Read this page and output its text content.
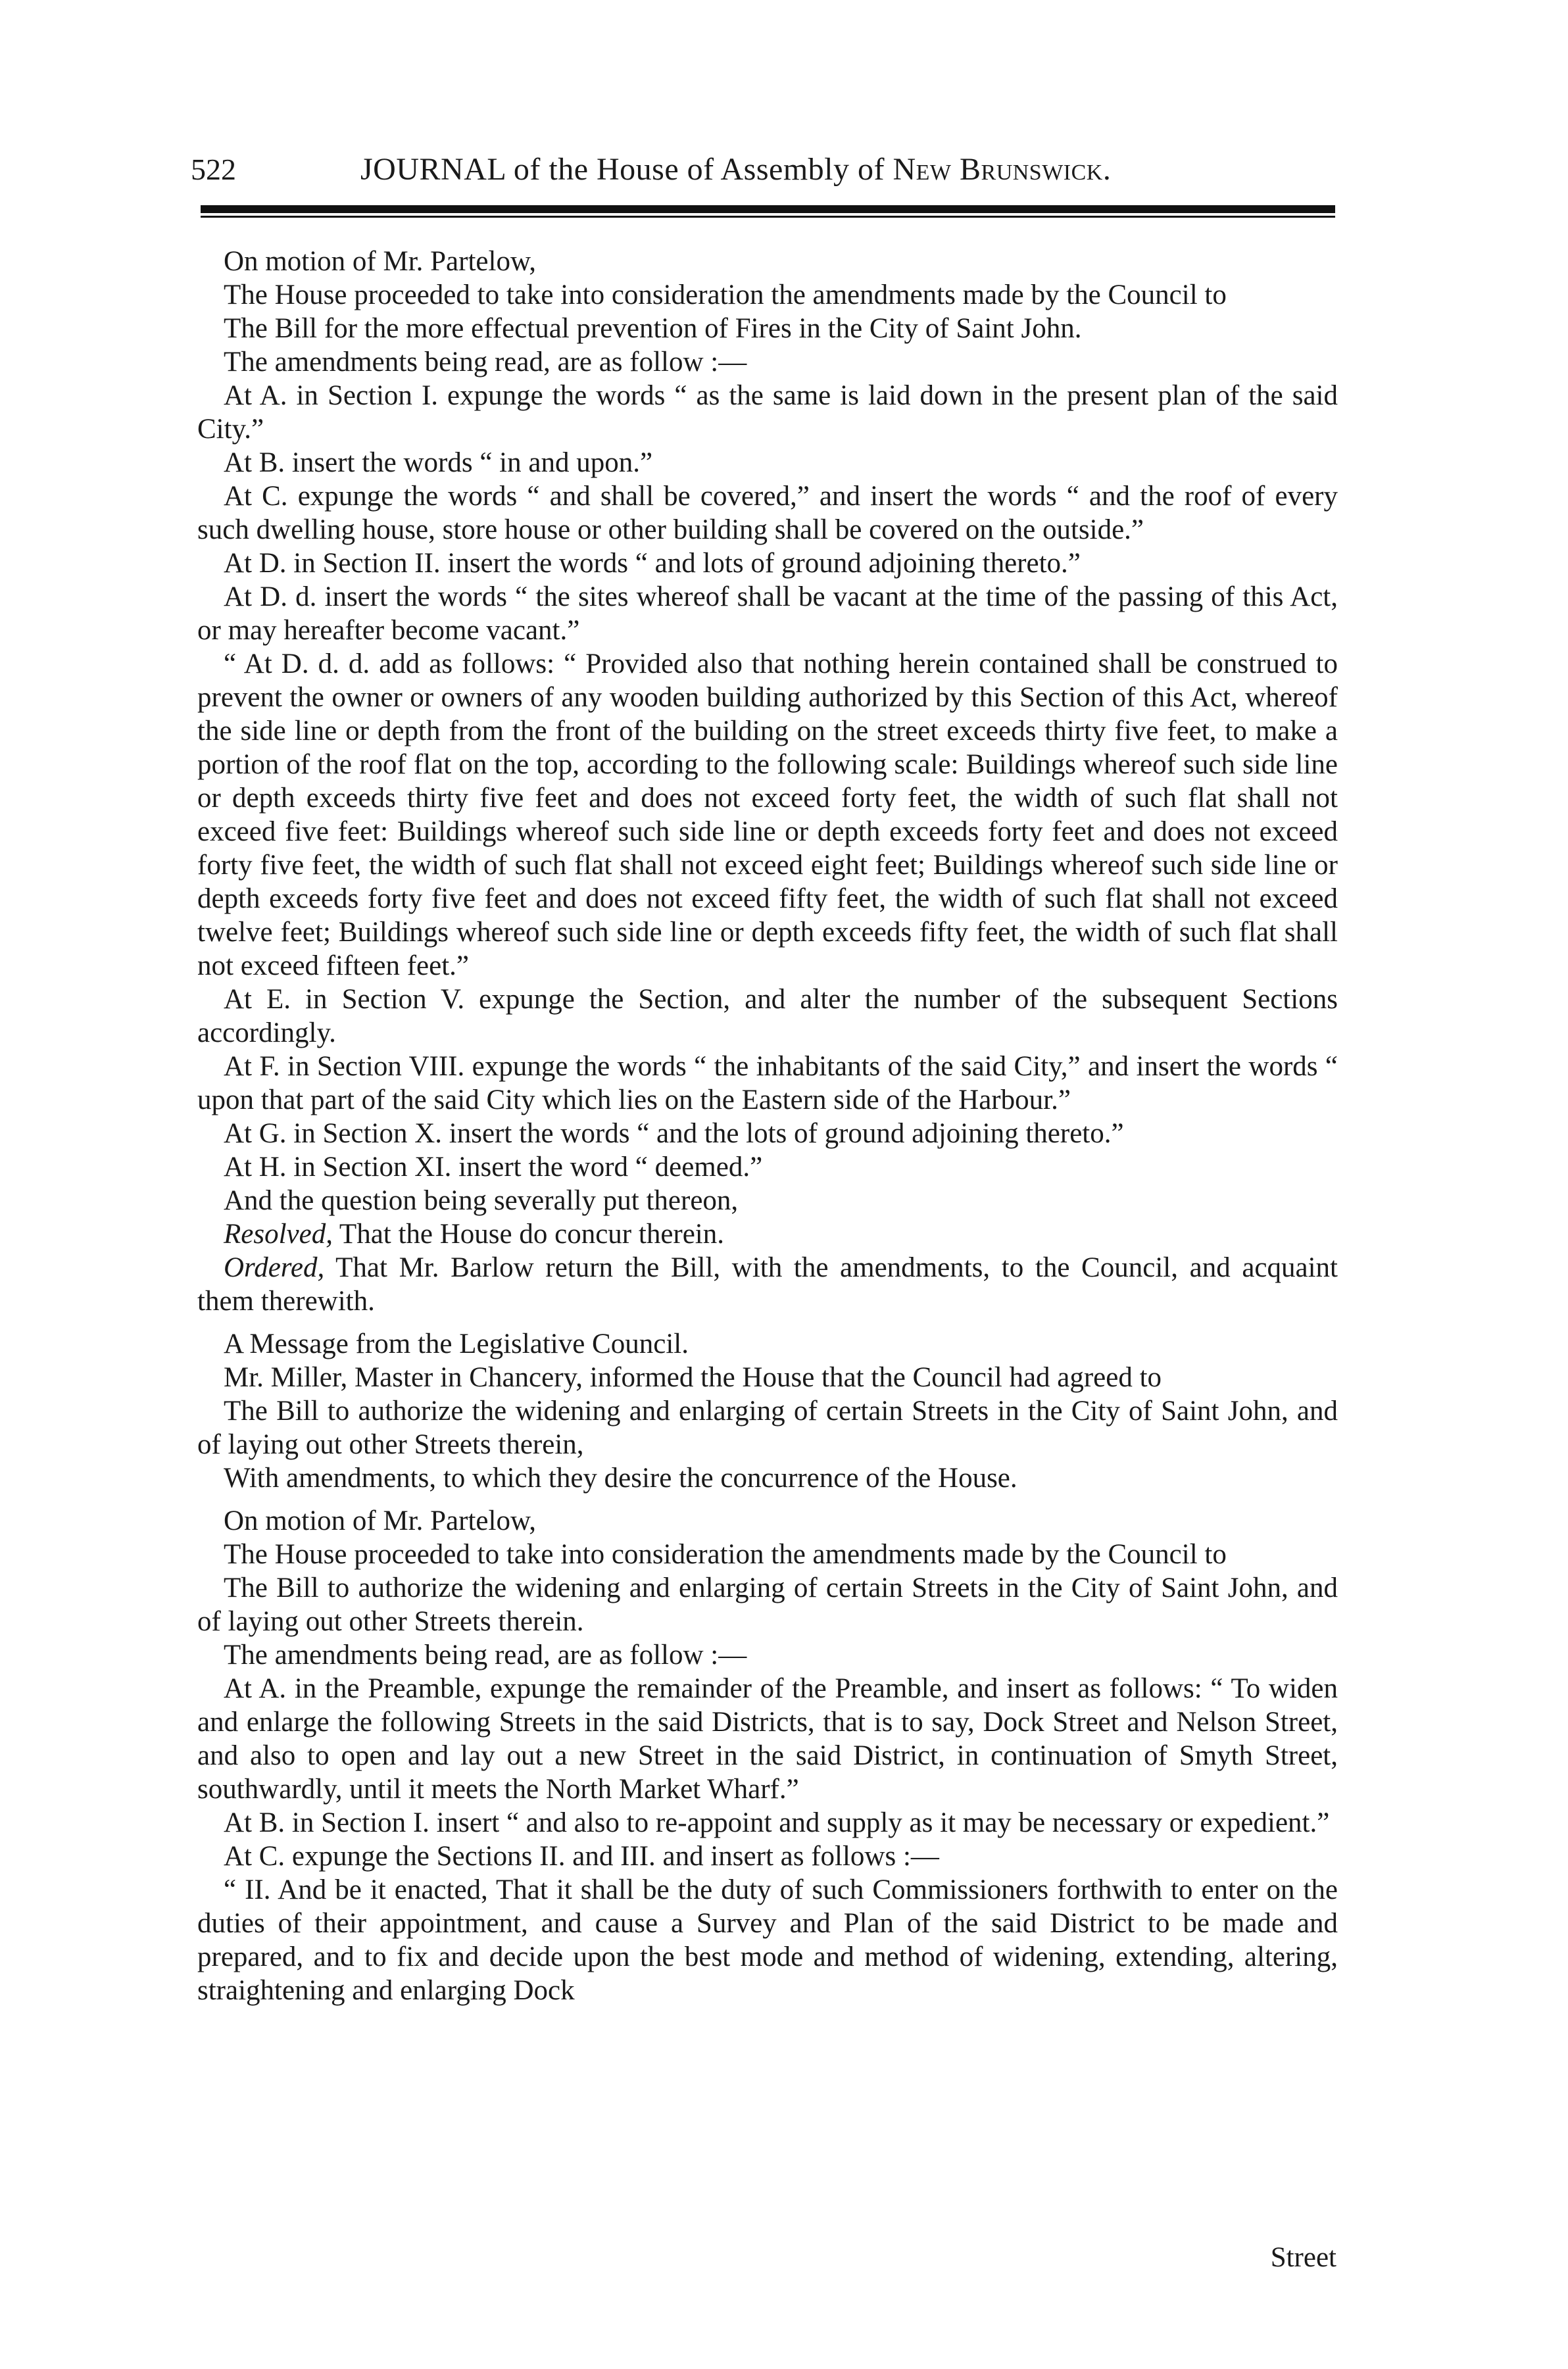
522	JOURNAL of the House of Assembly of New Brunswick.

On motion of Mr. Partelow,

The House proceeded to take into consideration the amendments made by the Council to

The Bill for the more effectual prevention of Fires in the City of Saint John.

The amendments being read, are as follow :—

At A. in Section I. expunge the words “ as the same is laid down in the present plan of the said City.”

At B. insert the words “ in and upon.”

At C. expunge the words “ and shall be covered,” and insert the words “ and the roof of every such dwelling house, store house or other building shall be covered on the outside.”

At D. in Section II. insert the words “ and lots of ground adjoining thereto.”

At D. d. insert the words “ the sites whereof shall be vacant at the time of the passing of this Act, or may hereafter become vacant.”

“ At D. d. d. add as follows: “ Provided also that nothing herein contained shall be construed to prevent the owner or owners of any wooden building authorized by this Section of this Act, whereof the side line or depth from the front of the building on the street exceeds thirty five feet, to make a portion of the roof flat on the top, according to the following scale: Buildings whereof such side line or depth exceeds thirty five feet and does not exceed forty feet, the width of such flat shall not exceed five feet: Buildings whereof such side line or depth exceeds forty feet and does not exceed forty five feet, the width of such flat shall not exceed eight feet; Buildings whereof such side line or depth exceeds forty five feet and does not exceed fifty feet, the width of such flat shall not exceed twelve feet; Buildings whereof such side line or depth exceeds fifty feet, the width of such flat shall not exceed fifteen feet.”

At E. in Section V. expunge the Section, and alter the number of the subsequent Sections accordingly.

At F. in Section VIII. expunge the words “ the inhabitants of the said City,” and insert the words “ upon that part of the said City which lies on the Eastern side of the Harbour.”

At G. in Section X. insert the words “ and the lots of ground adjoining thereto.”

At H. in Section XI. insert the word “ deemed.”

And the question being severally put thereon,

Resolved, That the House do concur therein.

Ordered, That Mr. Barlow return the Bill, with the amendments, to the Council, and acquaint them therewith.

A Message from the Legislative Council.

Mr. Miller, Master in Chancery, informed the House that the Council had agreed to

The Bill to authorize the widening and enlarging of certain Streets in the City of Saint John, and of laying out other Streets therein,

With amendments, to which they desire the concurrence of the House.

On motion of Mr. Partelow,

The House proceeded to take into consideration the amendments made by the Council to

The Bill to authorize the widening and enlarging of certain Streets in the City of Saint John, and of laying out other Streets therein.

The amendments being read, are as follow :—

At A. in the Preamble, expunge the remainder of the Preamble, and insert as follows: “ To widen and enlarge the following Streets in the said Districts, that is to say, Dock Street and Nelson Street, and also to open and lay out a new Street in the said District, in continuation of Smyth Street, southwardly, until it meets the North Market Wharf.”

At B. in Section I. insert “ and also to re-appoint and supply as it may be necessary or expedient.”

At C. expunge the Sections II. and III. and insert as follows :—

“ II. And be it enacted, That it shall be the duty of such Commissioners forthwith to enter on the duties of their appointment, and cause a Survey and Plan of the said District to be made and prepared, and to fix and decide upon the best mode and method of widening, extending, altering, straightening and enlarging Dock

Street
